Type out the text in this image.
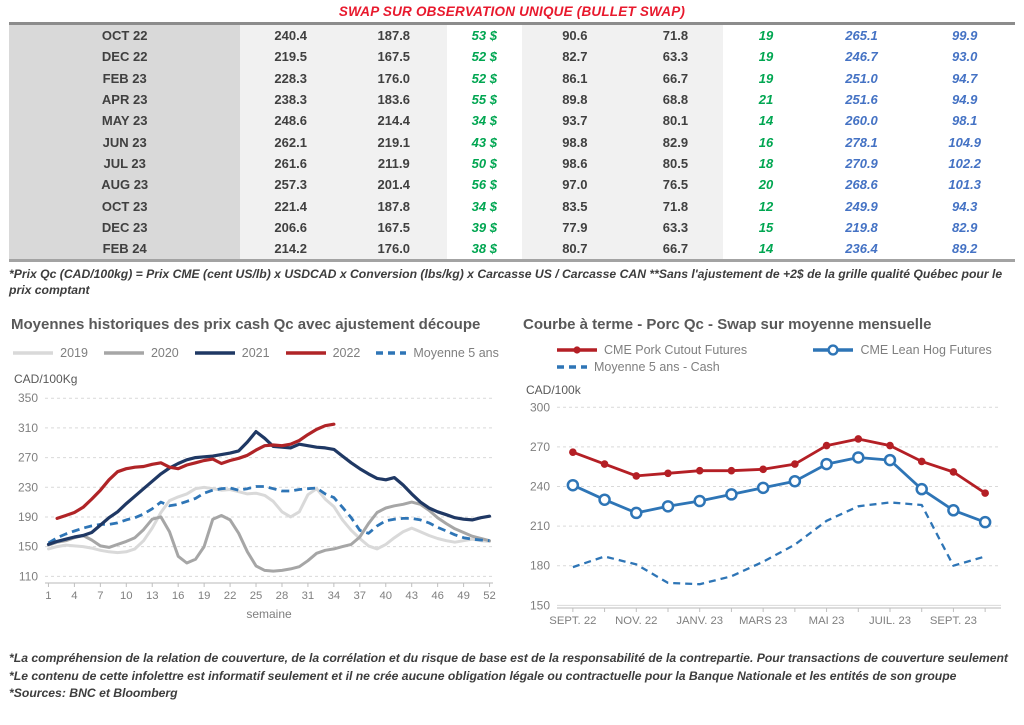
SWAP SUR OBSERVATION UNIQUE (BULLET SWAP)
OCT 22	240.4	187.8	53 $	90.6	71.8	19	265.1	99.9
DEC 22	219.5	167.5	52 $	82.7	63.3	19	246.7	93.0
FEB 23	228.3	176.0	52 $	86.1	66.7	19	251.0	94.7
APR 23	238.3	183.6	55 $	89.8	68.8	21	251.6	94.9
MAY 23	248.6	214.4	34 $	93.7	80.1	14	260.0	98.1
JUN 23	262.1	219.1	43 $	98.8	82.9	16	278.1	104.9
JUL 23	261.6	211.9	50 $	98.6	80.5	18	270.9	102.2
AUG 23	257.3	201.4	56 $	97.0	76.5	20	268.6	101.3
OCT 23	221.4	187.8	34 $	83.5	71.8	12	249.9	94.3
DEC 23	206.6	167.5	39 $	77.9	63.3	15	219.8	82.9
FEB 24	214.2	176.0	38 $	80.7	66.7	14	236.4	89.2
*Prix Qc (CAD/100kg) = Prix CME (cent US/lb) x USDCAD x Conversion (lbs/kg) x Carcasse US / Carcasse CAN **Sans l'ajustement de +2$ de la grille qualité Québec pour le prix comptant
Moyennes historiques des prix cash Qc avec ajustement découpe
2019	2020	2021	2022	Moyenne 5 ans
CAD/100Kg
110
150
190
230
270
310
350
1 4 7 10 13 16 19 22 25 28 31 34 37 40 43 46 49 52
semaine
Courbe à terme - Porc Qc - Swap sur moyenne mensuelle
CME Pork Cutout Futures	CME Lean Hog Futures
Moyenne 5 ans - Cash
CAD/100k
150
180
210
240
270
300
SEPT. 22 NOV. 22 JANV. 23 MARS 23 MAI 23 JUIL. 23 SEPT. 23
*La compréhension de la relation de couverture, de la corrélation et du risque de base est de la responsabilité de la contrepartie. Pour transactions de couverture seulement
*Le contenu de cette infolettre est informatif seulement et il ne crée aucune obligation légale ou contractuelle pour la Banque Nationale et les entités de son groupe
*Sources: BNC et Bloomberg
